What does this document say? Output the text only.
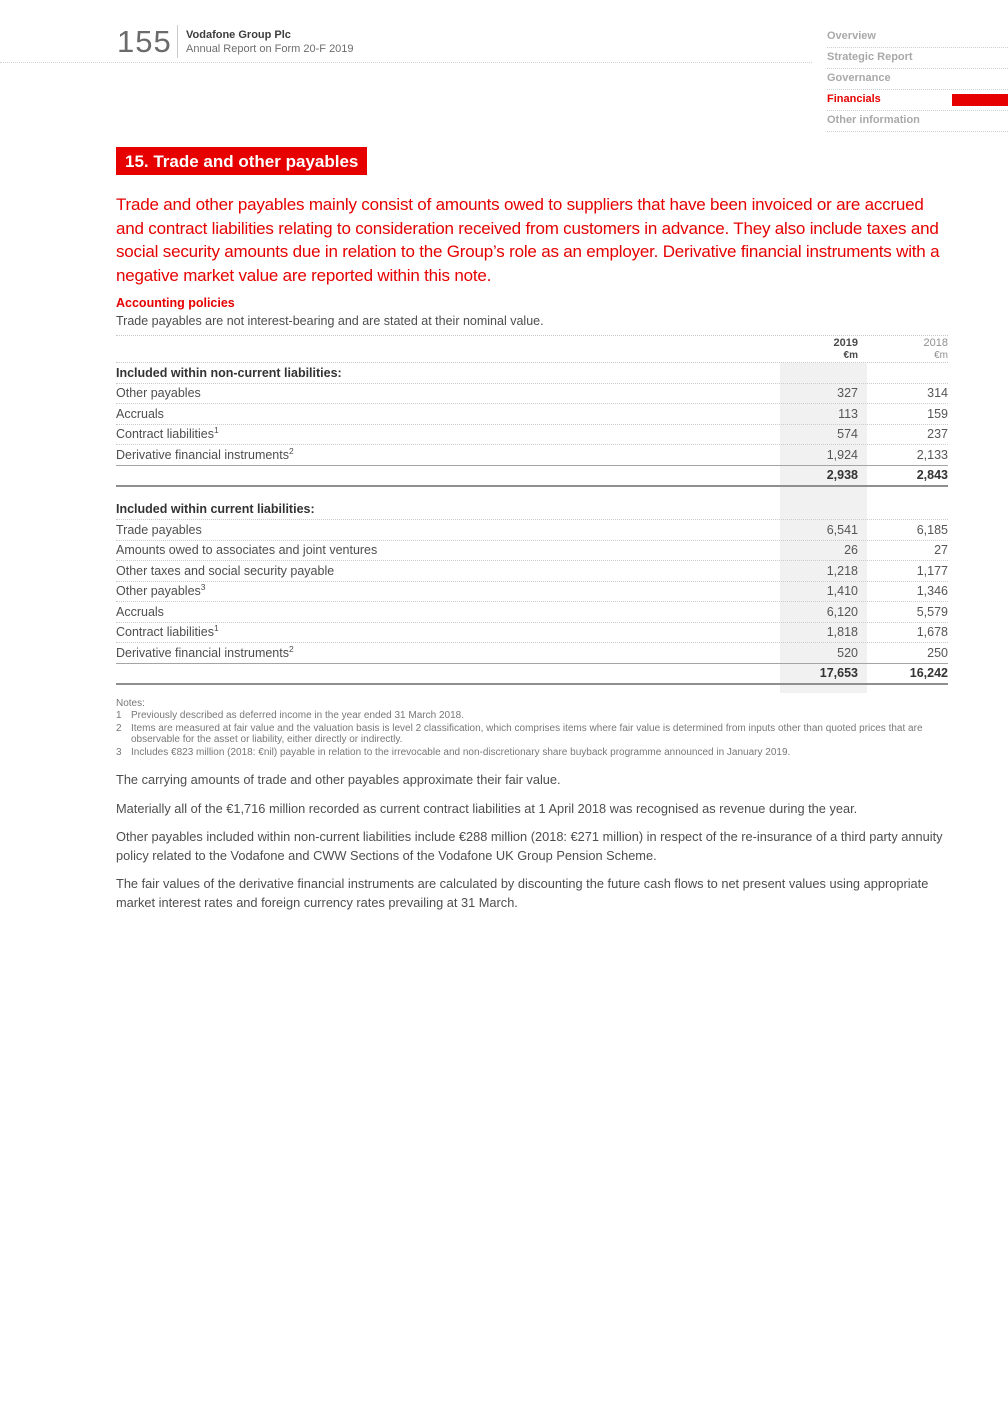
155 Vodafone Group Plc
Annual Report on Form 20-F 2019
Overview
Strategic Report
Governance
Financials
Other information
15. Trade and other payables

Trade and other payables mainly consist of amounts owed to suppliers that have been invoiced or are accrued and contract liabilities relating to consideration received from customers in advance. They also include taxes and social security amounts due in relation to the Group’s role as an employer. Derivative financial instruments with a negative market value are reported within this note.

Accounting policies
Trade payables are not interest-bearing and are stated at their nominal value.
2019
€m
2018
€m
Included within non-current liabilities:
Other payables	327	314
Accruals	113	159
Contract liabilities$^1$	574	237
Derivative financial instruments$^2$	1,924	2,133
2,938	2,843
Included within current liabilities:
Trade payables	6,541	6,185
Amounts owed to associates and joint ventures	26	27
Other taxes and social security payable	1,218	1,177
Other payables$^3$	1,410	1,346
Accruals	6,120	5,579
Contract liabilities$^1$	1,818	1,678
Derivative financial instruments$^2$	520	250
17,653	16,242
Notes:
1 Previously described as deferred income in the year ended 31 March 2018.
2 Items are measured at fair value and the valuation basis is level 2 classification, which comprises items where fair value is determined from inputs other than quoted prices that are observable for the asset or liability, either directly or indirectly.
3 Includes €823 million (2018: €nil) payable in relation to the irrevocable and non-discretionary share buyback programme announced in January 2019.

The carrying amounts of trade and other payables approximate their fair value.

Materially all of the €1,716 million recorded as current contract liabilities at 1 April 2018 was recognised as revenue during the year.

Other payables included within non-current liabilities include €288 million (2018: €271 million) in respect of the re-insurance of a third party annuity policy related to the Vodafone and CWW Sections of the Vodafone UK Group Pension Scheme.

The fair values of the derivative financial instruments are calculated by discounting the future cash flows to net present values using appropriate market interest rates and foreign currency rates prevailing at 31 March.
